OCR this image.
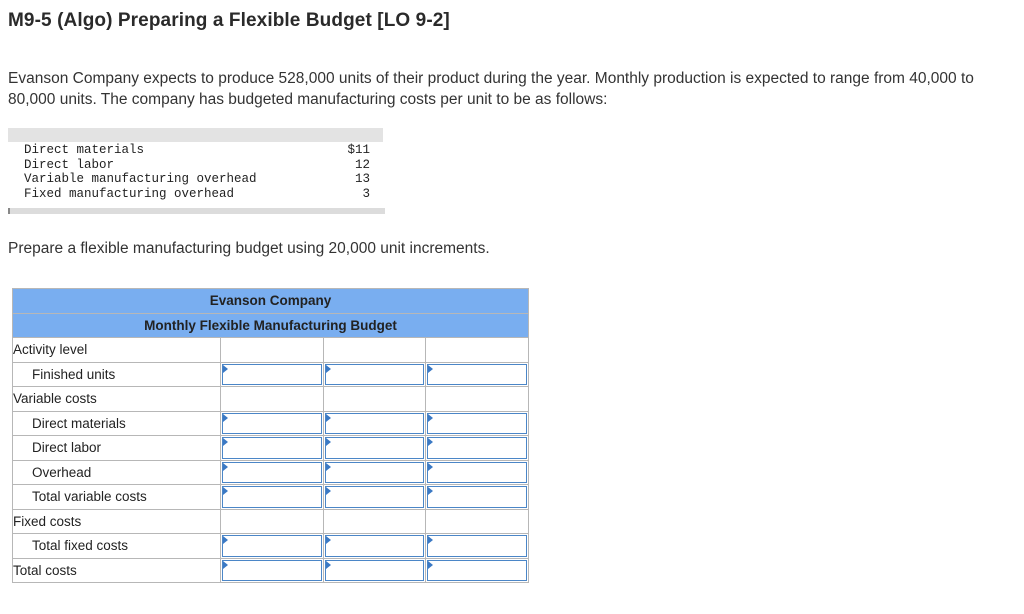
M9-5 (Algo) Preparing a Flexible Budget [LO 9-2]
Evanson Company expects to produce 528,000 units of their product during the year. Monthly production is expected to range from 40,000 to 80,000 units. The company has budgeted manufacturing costs per unit to be as follows:
Direct materials	$11
Direct labor	12
Variable manufacturing overhead	13
Fixed manufacturing overhead	3
Prepare a flexible manufacturing budget using 20,000 unit increments.
Evanson Company			
Monthly Flexible Manufacturing Budget			
Activity level			
Finished units	

Variable costs			
Direct materials	

Direct labor	

Overhead	

Total variable costs	

Fixed costs			
Total fixed costs	

Total costs	
